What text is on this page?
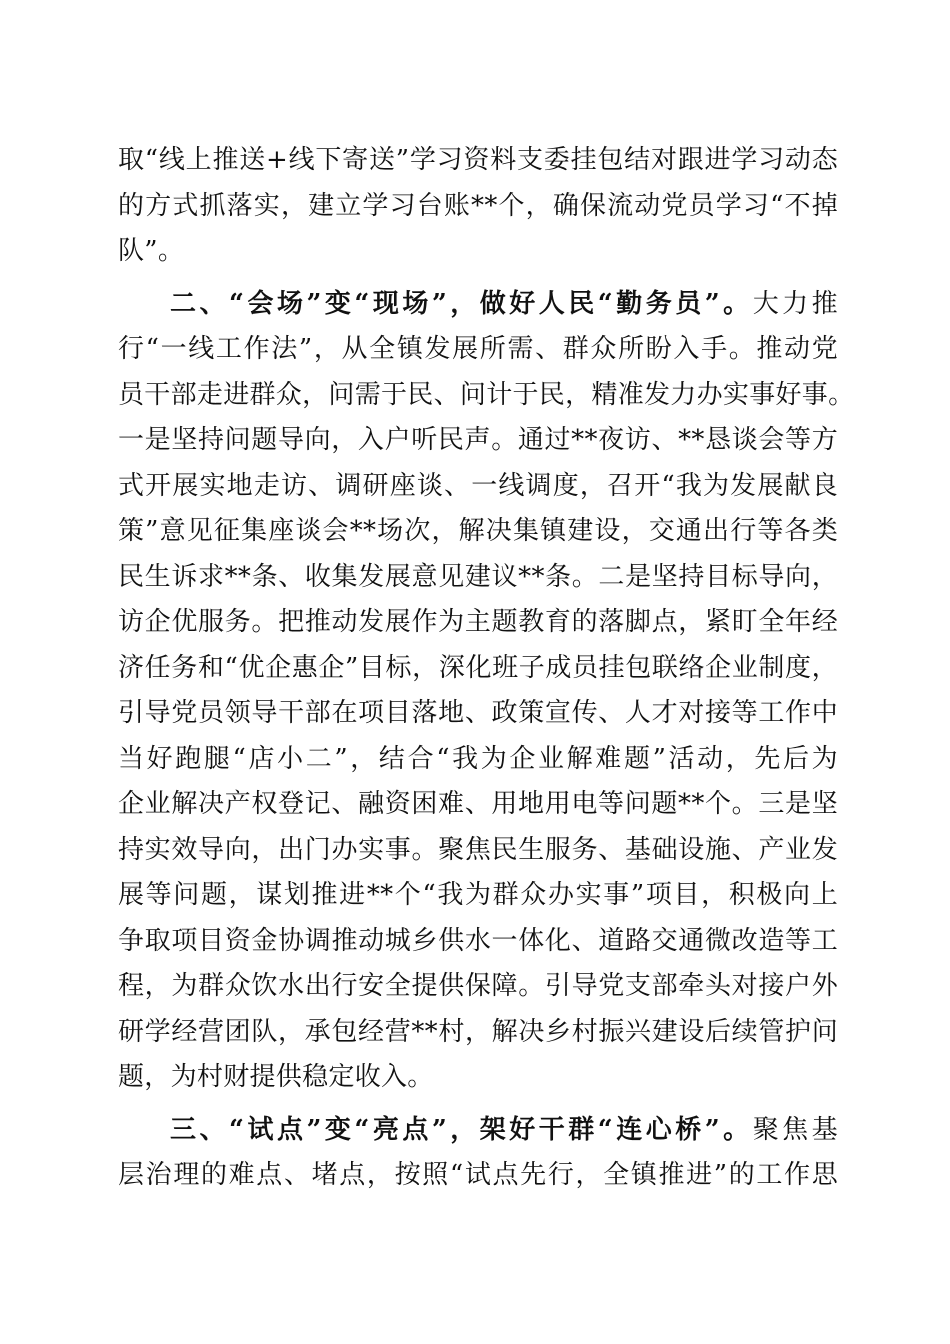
取“线上推送+线下寄送”学习资料支委挂包结对跟进学习动态
的方式抓落实，建立学习台账**个，确保流动党员学习“不掉
队”。
二、“会场”变“现场”，做好人民“勤务员”。大力推
行“一线工作法”，从全镇发展所需、群众所盼入手。推动党
员干部走进群众，问需于民、问计于民，精准发力办实事好事。
一是坚持问题导向，入户听民声。通过**夜访、**恳谈会等方
式开展实地走访、调研座谈、一线调度，召开“我为发展献良
策”意见征集座谈会**场次，解决集镇建设，交通出行等各类
民生诉求**条、收集发展意见建议**条。二是坚持目标导向，
访企优服务。把推动发展作为主题教育的落脚点，紧盯全年经
济任务和“优企惠企”目标，深化班子成员挂包联络企业制度，
引导党员领导干部在项目落地、政策宣传、人才对接等工作中
当好跑腿“店小二”，结合“我为企业解难题”活动，先后为
企业解决产权登记、融资困难、用地用电等问题**个。三是坚
持实效导向，出门办实事。聚焦民生服务、基础设施、产业发
展等问题，谋划推进**个“我为群众办实事”项目，积极向上
争取项目资金协调推动城乡供水一体化、道路交通微改造等工
程，为群众饮水出行安全提供保障。引导党支部牵头对接户外
研学经营团队，承包经营**村，解决乡村振兴建设后续管护问
题，为村财提供稳定收入。
三、“试点”变“亮点”，架好干群“连心桥”。聚焦基
层治理的难点、堵点，按照“试点先行，全镇推进”的工作思
